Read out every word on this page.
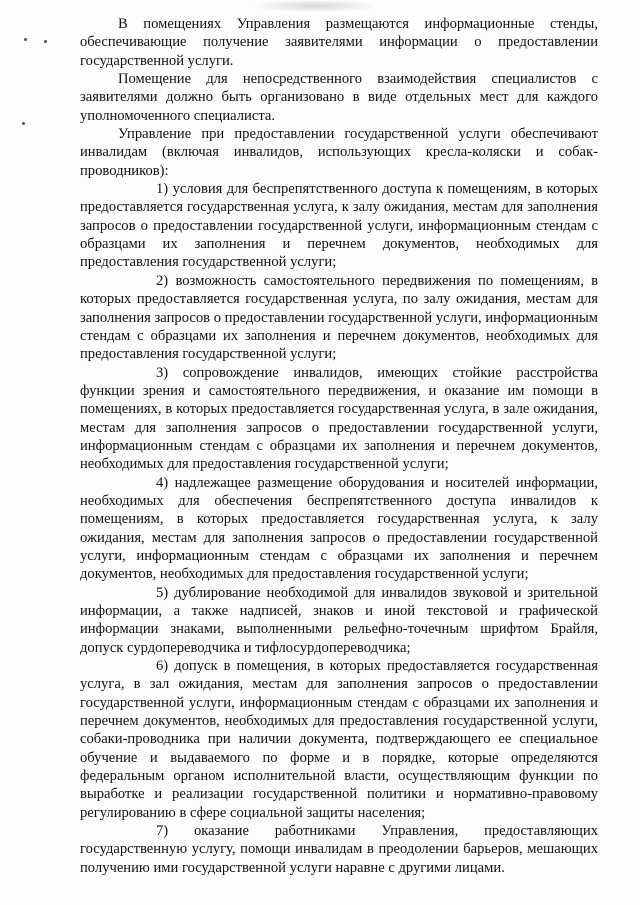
В помещениях Управления размещаются информационные стенды, обеспечивающие получение заявителями информации о предоставлении государственной услуги.

Помещение для непосредственного взаимодействия специалистов с заявителями должно быть организовано в виде отдельных мест для каждого уполномоченного специалиста.

Управление при предоставлении государственной услуги обеспечивают инвалидам (включая инвалидов, использующих кресла-коляски и собак-проводников):

1) условия для беспрепятственного доступа к помещениям, в которых предоставляется государственная услуга, к залу ожидания, местам для заполнения запросов о предоставлении государственной услуги, информационным стендам с образцами их заполнения и перечнем документов, необходимых для предоставления государственной услуги;

2) возможность самостоятельного передвижения по помещениям, в которых предоставляется государственная услуга, по залу ожидания, местам для заполнения запросов о предоставлении государственной услуги, информационным стендам с образцами их заполнения и перечнем документов, необходимых для предоставления государственной услуги;

3) сопровождение инвалидов, имеющих стойкие расстройства функции зрения и самостоятельного передвижения, и оказание им помощи в помещениях, в которых предоставляется государственная услуга, в зале ожидания, местам для заполнения запросов о предоставлении государственной услуги, информационным стендам с образцами их заполнения и перечнем документов, необходимых для предоставления государственной услуги;

4) надлежащее размещение оборудования и носителей информации, необходимых для обеспечения беспрепятственного доступа инвалидов к помещениям, в которых предоставляется государственная услуга, к залу ожидания, местам для заполнения запросов о предоставлении государственной услуги, информационным стендам с образцами их заполнения и перечнем документов, необходимых для предоставления государственной услуги;

5) дублирование необходимой для инвалидов звуковой и зрительной информации, а также надписей, знаков и иной текстовой и графической информации знаками, выполненными рельефно-точечным шрифтом Брайля, допуск сурдопереводчика и тифлосурдопереводчика;

6) допуск в помещения, в которых предоставляется государственная услуга, в зал ожидания, местам для заполнения запросов о предоставлении государственной услуги, информационным стендам с образцами их заполнения и перечнем документов, необходимых для предоставления государственной услуги, собаки-проводника при наличии документа, подтверждающего ее специальное обучение и выдаваемого по форме и в порядке, которые определяются федеральным органом исполнительной власти, осуществляющим функции по выработке и реализации государственной политики и нормативно-правовому регулированию в сфере социальной защиты населения;

7) оказание работниками Управления, предоставляющих государственную услугу, помощи инвалидам в преодолении барьеров, мешающих получению ими государственной услуги наравне с другими лицами.
